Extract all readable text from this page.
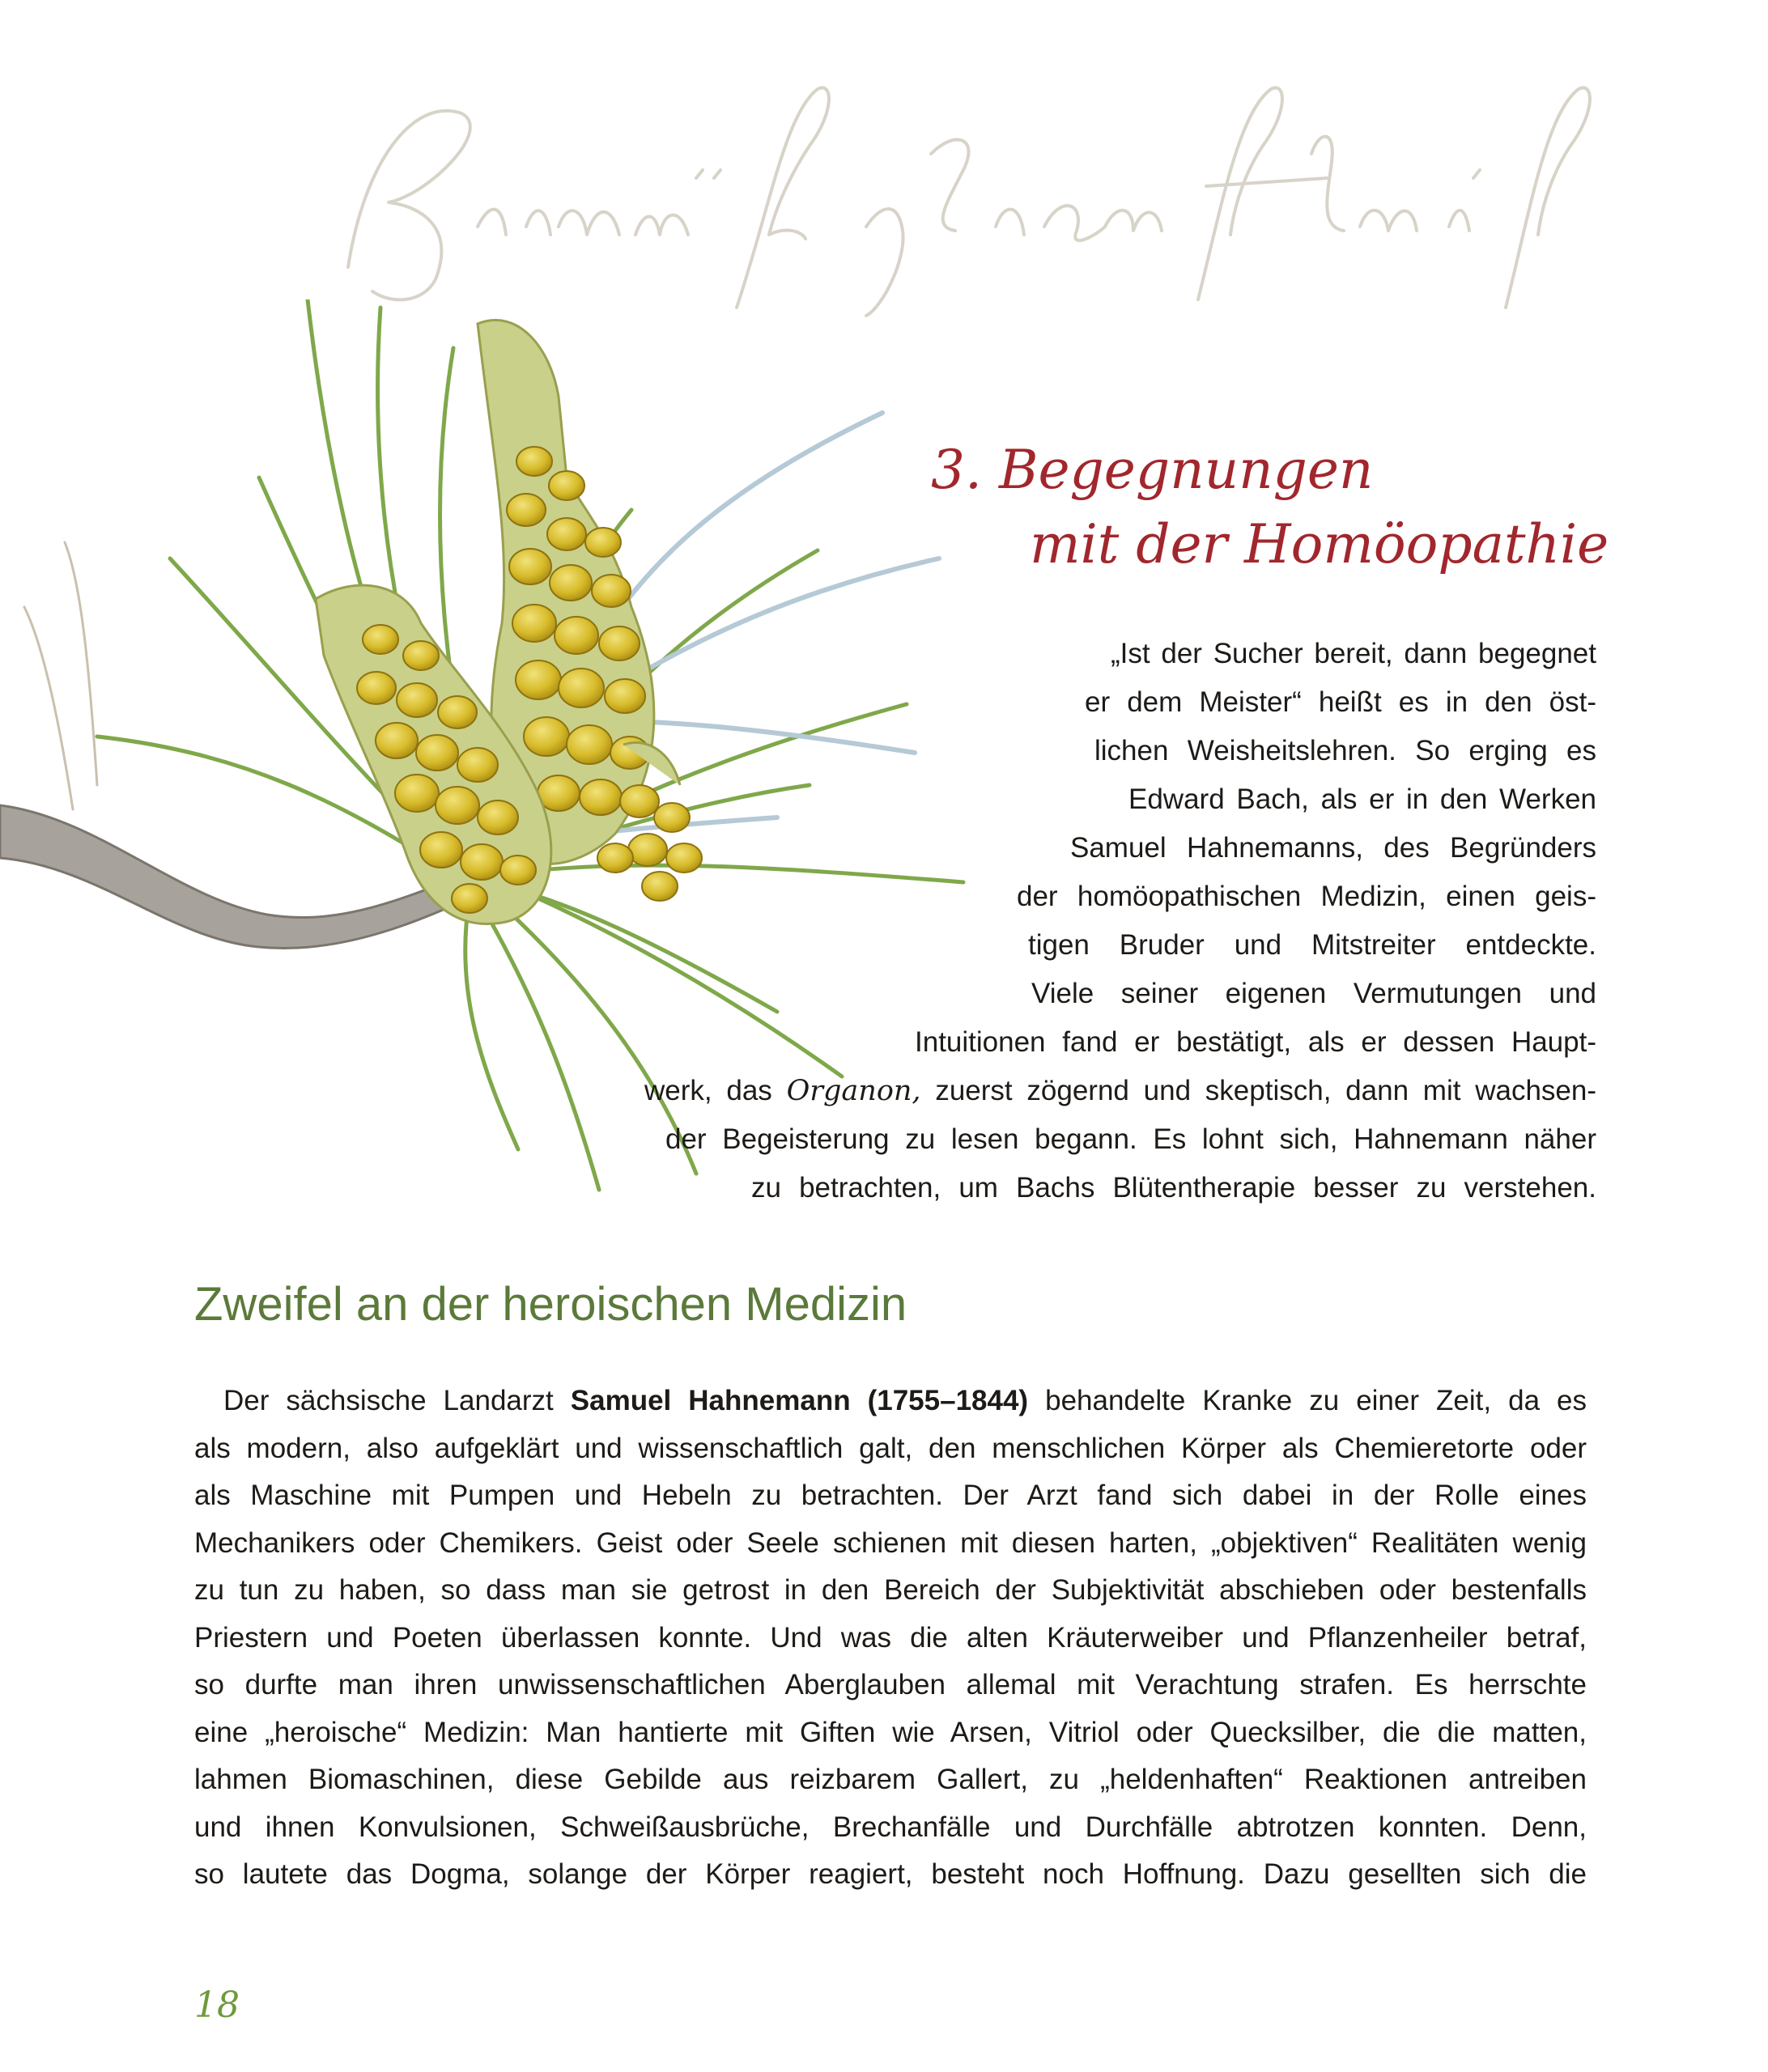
3. Begegnungen
mit der Homöopathie
„Ist der Sucher bereit, dann begegnet
er dem Meister“ heißt es in den öst-
lichen Weisheitslehren. So erging es
Edward Bach, als er in den Werken
Samuel Hahnemanns, des Begründers
der homöopathischen Medizin, einen geis-
tigen Bruder und Mitstreiter entdeckte.
Viele seiner eigenen Vermutungen und
Intuitionen fand er bestätigt, als er dessen Haupt-
werk, das Organon, zuerst zögernd und skeptisch, dann mit wachsen-
der Begeisterung zu lesen begann. Es lohnt sich, Hahnemann näher
zu betrachten, um Bachs Blütentherapie besser zu verstehen.
Zweifel an der heroischen Medizin
Der sächsische Landarzt Samuel Hahnemann (1755–1844) behandelte Kranke zu einer Zeit, da es
als modern, also aufgeklärt und wissenschaftlich galt, den menschlichen Körper als Chemieretorte oder
als Maschine mit Pumpen und Hebeln zu betrachten. Der Arzt fand sich dabei in der Rolle eines
Mechanikers oder Chemikers. Geist oder Seele schienen mit diesen harten, „objektiven“ Realitäten wenig
zu tun zu haben, so dass man sie getrost in den Bereich der Subjektivität abschieben oder bestenfalls
Priestern und Poeten überlassen konnte. Und was die alten Kräuterweiber und Pflanzenheiler betraf,
so durfte man ihren unwissenschaftlichen Aberglauben allemal mit Verachtung strafen. Es herrschte
eine „heroische“ Medizin: Man hantierte mit Giften wie Arsen, Vitriol oder Quecksilber, die die matten,
lahmen Biomaschinen, diese Gebilde aus reizbarem Gallert, zu „heldenhaften“ Reaktionen antreiben
und ihnen Konvulsionen, Schweißausbrüche, Brechanfälle und Durchfälle abtrotzen konnten. Denn,
so lautete das Dogma, solange der Körper reagiert, besteht noch Hoffnung. Dazu gesellten sich die
18
